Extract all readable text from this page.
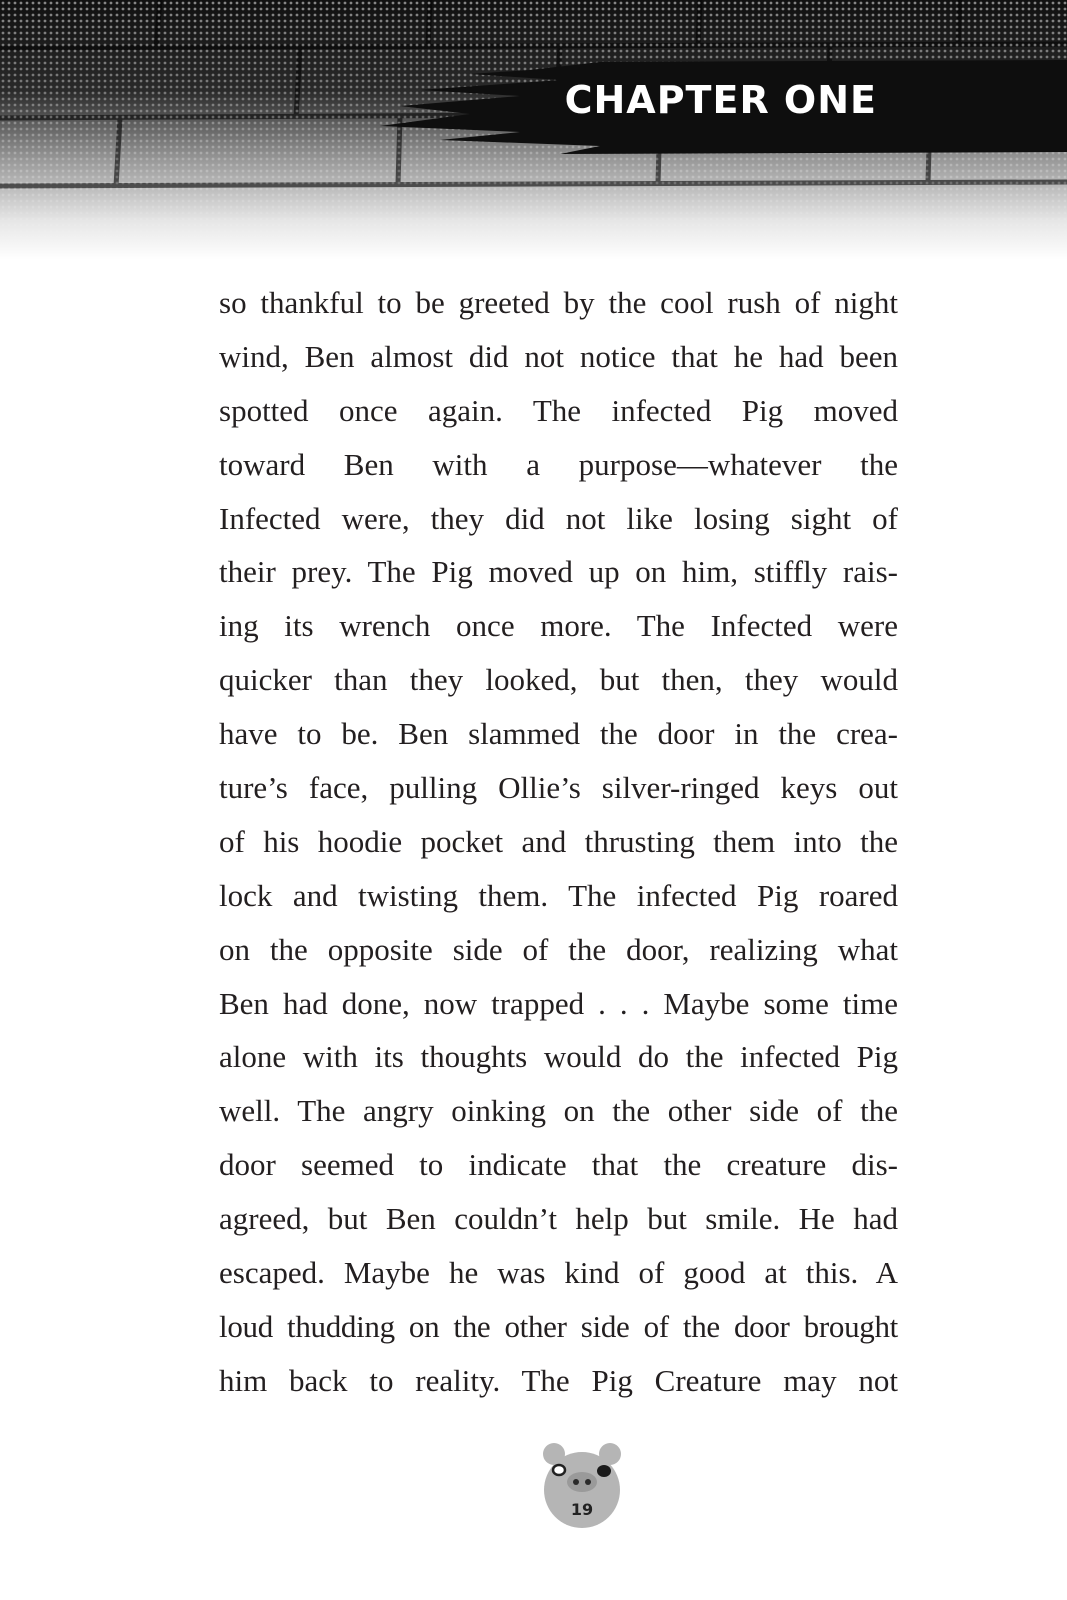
CHAPTER ONE
so thankful to be greeted by the cool rush of night
wind, Ben almost did not notice that he had been
spotted once again. The infected Pig moved
toward Ben with a purpose—whatever the
Infected were, they did not like losing sight of
their prey. The Pig moved up on him, stiffly rais-
ing its wrench once more. The Infected were
quicker than they looked, but then, they would
have to be. Ben slammed the door in the crea-
ture’s face, pulling Ollie’s silver-ringed keys out
of his hoodie pocket and thrusting them into the
lock and twisting them. The infected Pig roared
on the opposite side of the door, realizing what
Ben had done, now trapped . . . Maybe some time
alone with its thoughts would do the infected Pig
well. The angry oinking on the other side of the
door seemed to indicate that the creature dis-
agreed, but Ben couldn’t help but smile. He had
escaped. Maybe he was kind of good at this. A
loud thudding on the other side of the door brought
him back to reality. The Pig Creature may not
19
